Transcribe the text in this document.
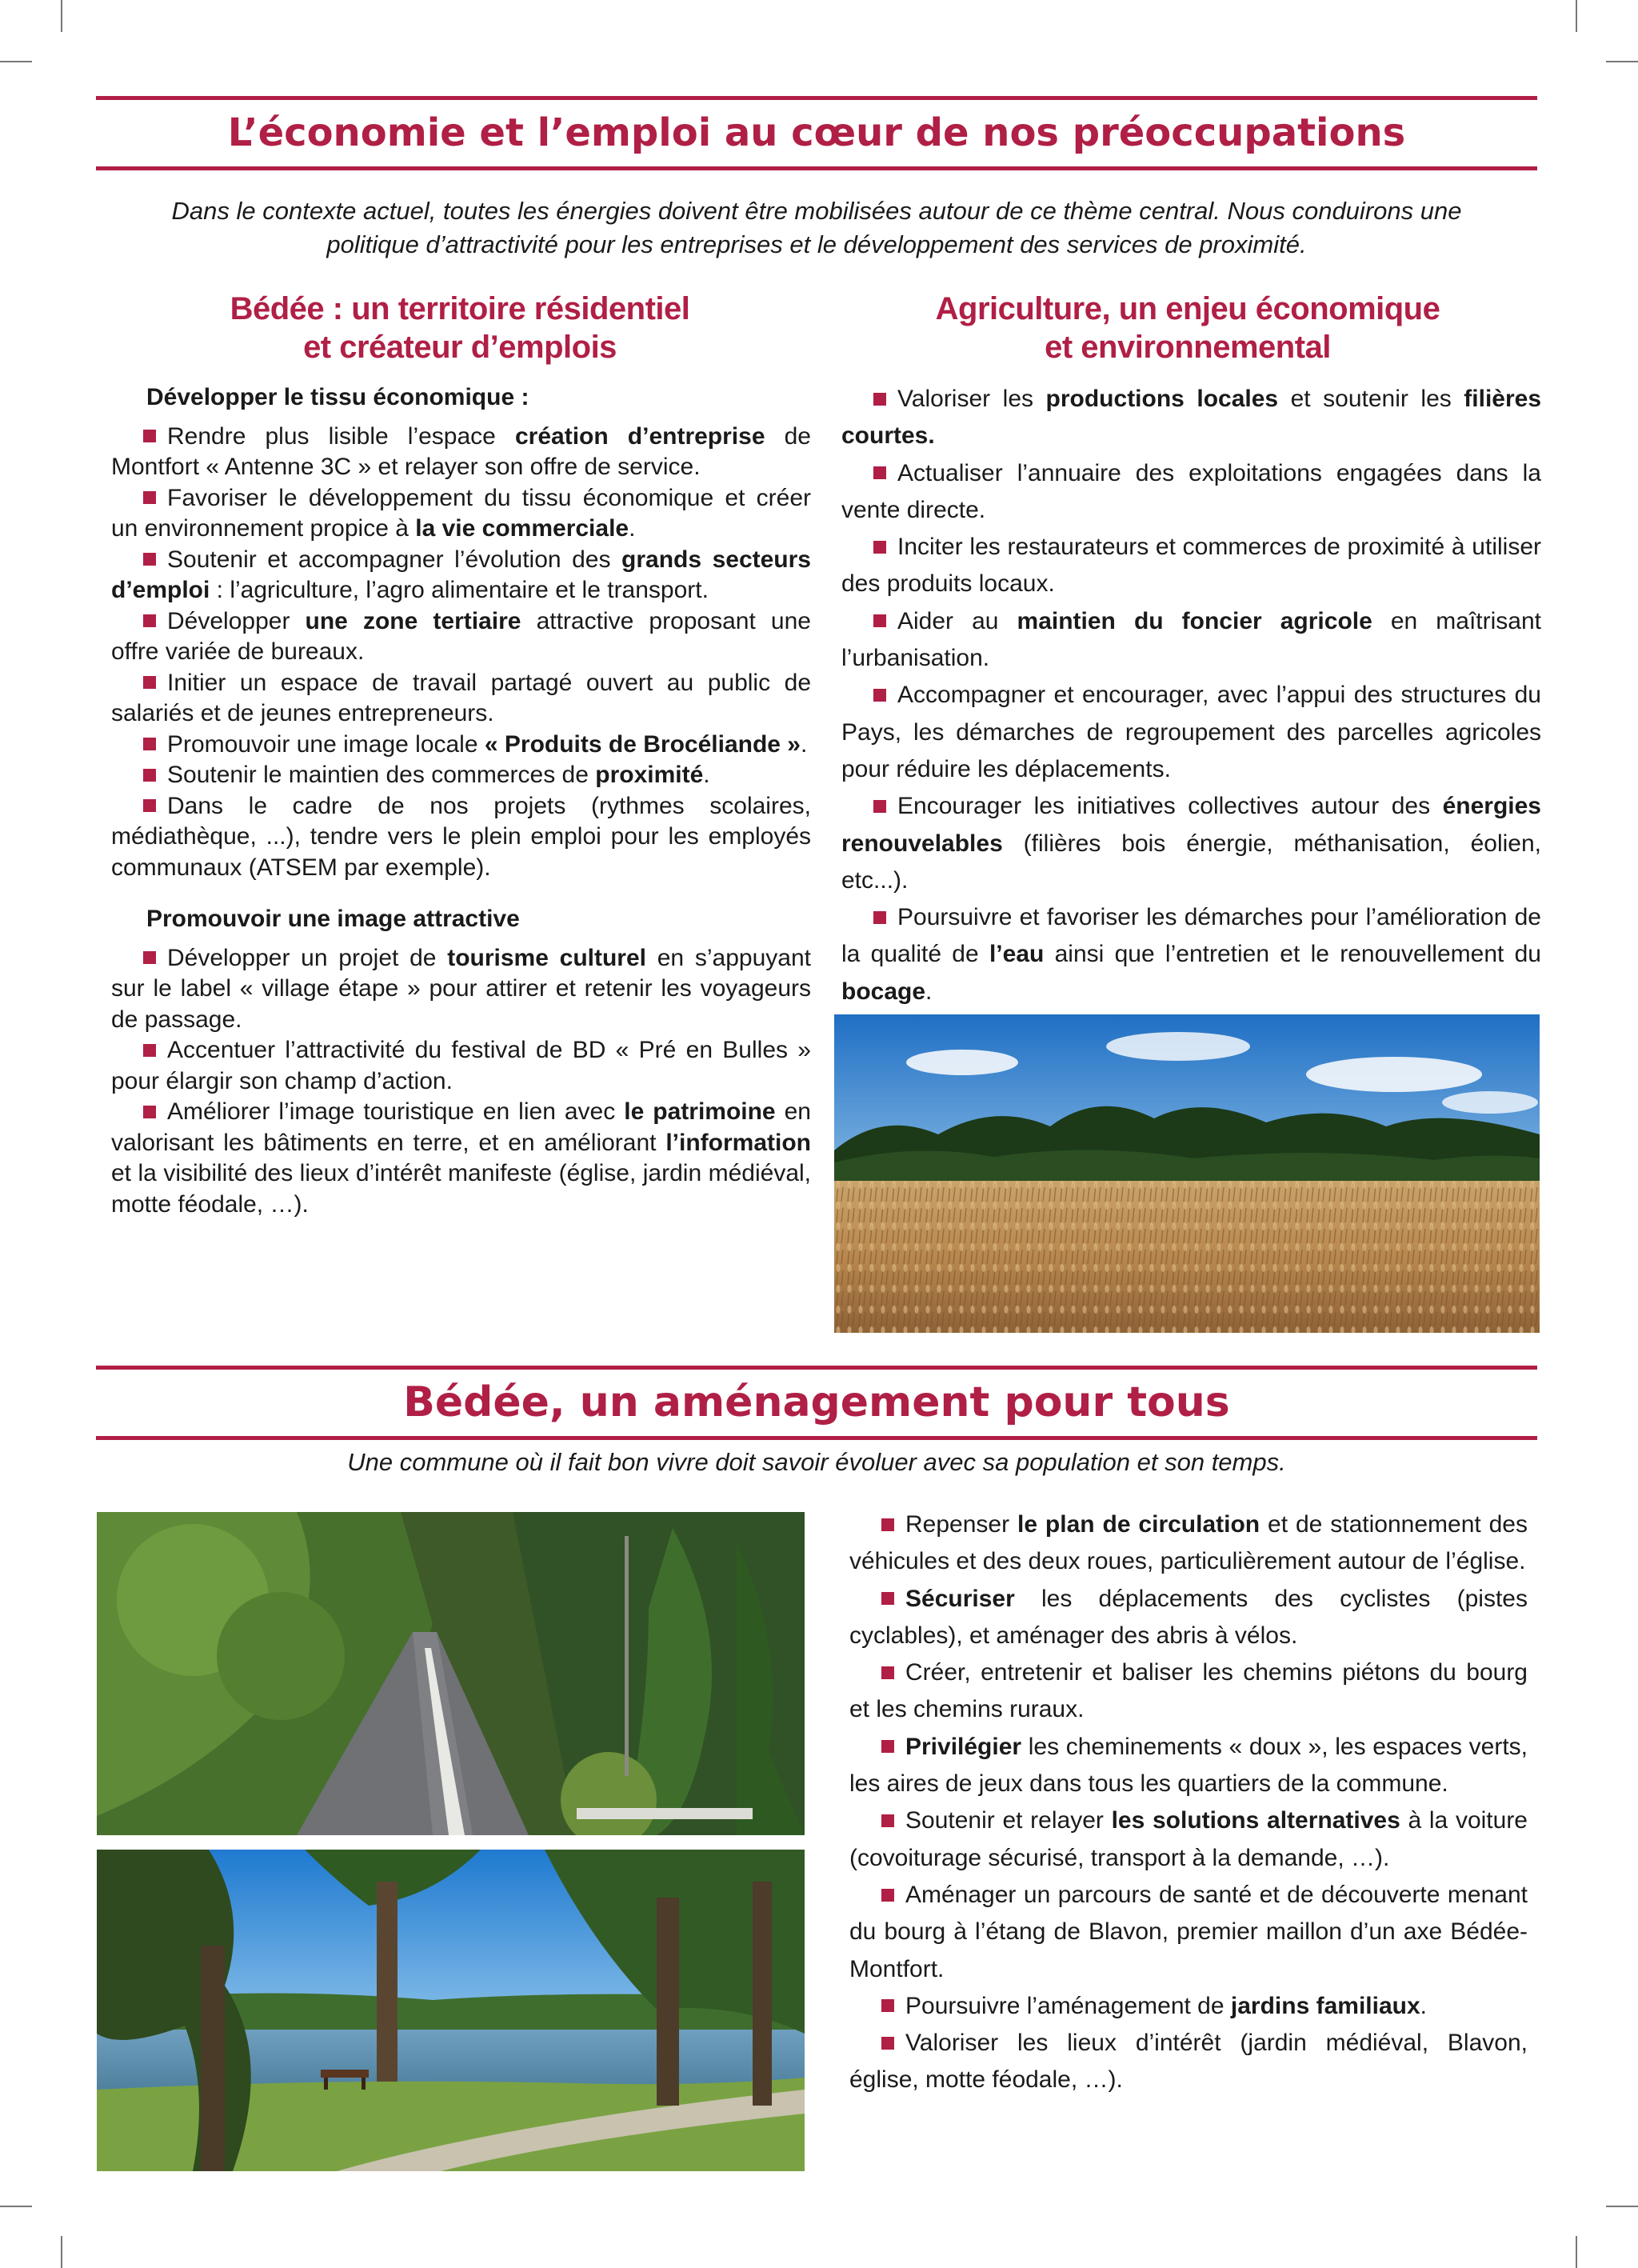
L’économie et l’emploi au cœur de nos préoccupations
Dans le contexte actuel, toutes les énergies doivent être mobilisées autour de ce thème central. Nous conduirons une
politique d’attractivité pour les entreprises et le développement des services de proximité.
Bédée : un territoire résidentiel
et créateur d’emplois
Agriculture, un enjeu économique
et environnemental

Développer le tissu économique :

Rendre plus lisible l’espace création d’entreprise de Montfort « Antenne 3C » et relayer son offre de service.

Favoriser le développement du tissu économique et créer un environnement propice à la vie commerciale.

Soutenir et accompagner l’évolution des grands secteurs d’emploi : l’agriculture, l’agro alimentaire et le transport.

Développer une zone tertiaire attractive proposant une offre variée de bureaux.

Initier un espace de travail partagé ouvert au public de salariés et de jeunes entrepreneurs.

Promouvoir une image locale « Produits de Brocéliande ».

Soutenir le maintien des commerces de proximité.

Dans le cadre de nos projets (rythmes scolaires, médiathèque, ...), tendre vers le plein emploi pour les employés communaux (ATSEM par exemple).

Promouvoir une image attractive

Développer un projet de tourisme culturel en s’appuyant sur le label « village étape » pour attirer et retenir les voyageurs de passage.

Accentuer l’attractivité du festival de BD « Pré en Bulles » pour élargir son champ d’action.

Améliorer l’image touristique en lien avec le patrimoine en valorisant les bâtiments en terre, et en améliorant l’information et la visibilité des lieux d’intérêt manifeste (église, jardin médiéval, motte féodale, …).

Valoriser les productions locales et soutenir les filières courtes.

Actualiser l’annuaire des exploitations engagées dans la vente directe.

Inciter les restaurateurs et commerces de proximité à utiliser des produits locaux.

Aider au maintien du foncier agricole en maîtrisant l’urbanisation.

Accompagner et encourager, avec l’appui des structures du Pays, les démarches de regroupement des parcelles agricoles pour réduire les déplacements.

Encourager les initiatives collectives autour des énergies renouvelables (filières bois énergie, méthanisation, éolien, etc...).

Poursuivre et favoriser les démarches pour l’amélioration de la qualité de l’eau ainsi que l’entretien et le renouvellement du bocage.

Bédée, un aménagement pour tous
Une commune où il fait bon vivre doit savoir évoluer avec sa population et son temps.

Repenser le plan de circulation et de stationnement des véhicules et des deux roues, particulièrement autour de l’église.

Sécuriser les déplacements des cyclistes (pistes cyclables), et aménager des abris à vélos.

Créer, entretenir et baliser les chemins piétons du bourg et les chemins ruraux.

Privilégier les cheminements « doux », les espaces verts, les aires de jeux dans tous les quartiers de la commune.

Soutenir et relayer les solutions alternatives à la voiture (covoiturage sécurisé, transport à la demande, …).

Aménager un parcours de santé et de découverte menant du bourg à l’étang de Blavon, premier maillon d’un axe Bédée-Montfort.

Poursuivre l’aménagement de jardins familiaux.

Valoriser les lieux d’intérêt (jardin médiéval, Blavon, église, motte féodale, …).
